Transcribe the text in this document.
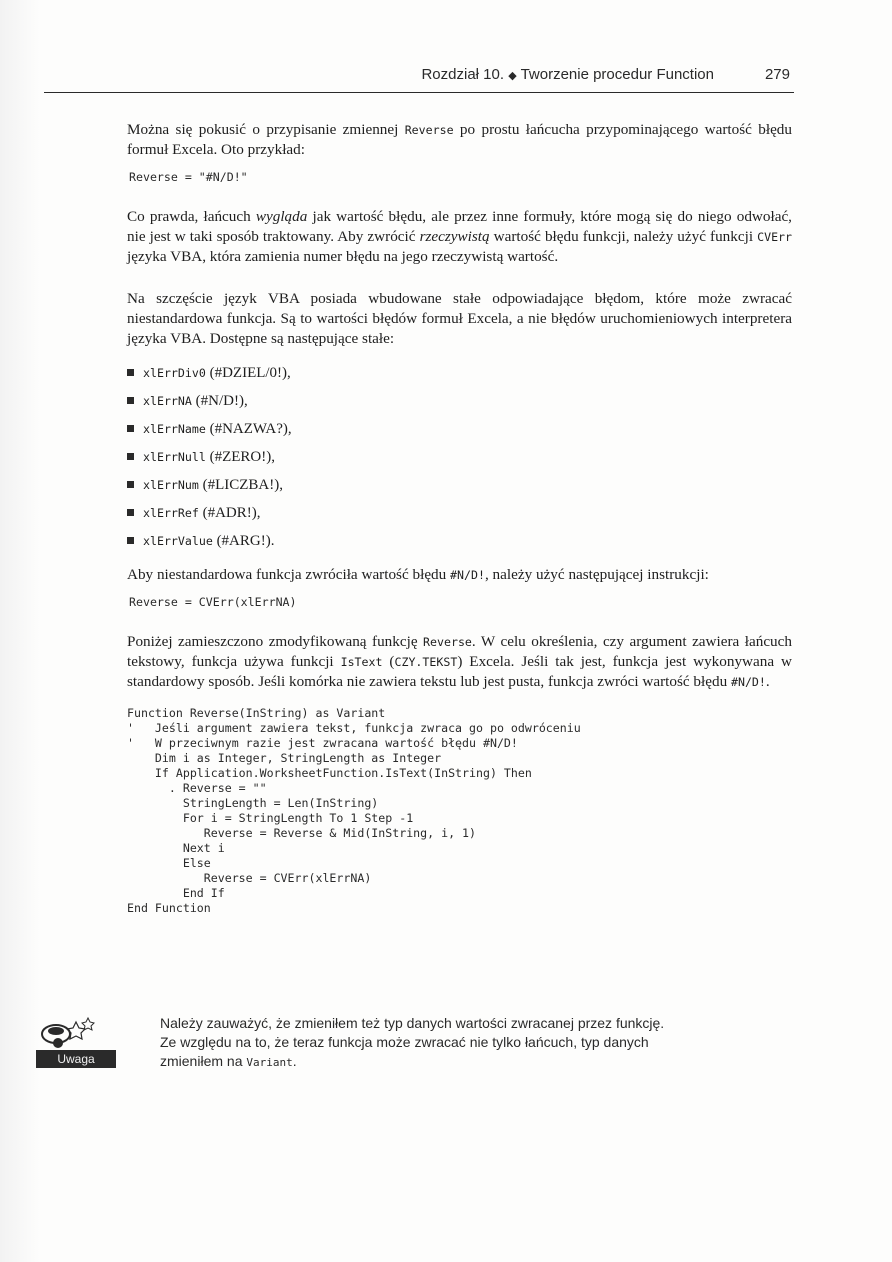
Rozdział 10. ◆ Tworzenie procedur Function	279

Można się pokusić o przypisanie zmiennej Reverse po prostu łańcucha przypominającego wartość błędu formuł Excela. Oto przykład:

Reverse = "#N/D!"

Co prawda, łańcuch wygląda jak wartość błędu, ale przez inne formuły, które mogą się do niego odwołać, nie jest w taki sposób traktowany. Aby zwrócić rzeczywistą wartość błędu funkcji, należy użyć funkcji CVErr języka VBA, która zamienia numer błędu na jego rzeczywistą wartość.

Na szczęście język VBA posiada wbudowane stałe odpowiadające błędom, które może zwracać niestandardowa funkcja. Są to wartości błędów formuł Excela, a nie błędów uruchomieniowych interpretera języka VBA. Dostępne są następujące stałe:

xlErrDiv0 (#DZIEL/0!),
xlErrNA (#N/D!),
xlErrName (#NAZWA?),
xlErrNull (#ZERO!),
xlErrNum (#LICZBA!),
xlErrRef (#ADR!),
xlErrValue (#ARG!).

Aby niestandardowa funkcja zwróciła wartość błędu #N/D!, należy użyć następującej instrukcji:

Reverse = CVErr(xlErrNA)

Poniżej zamieszczono zmodyfikowaną funkcję Reverse. W celu określenia, czy argument zawiera łańcuch tekstowy, funkcja używa funkcji IsText (CZY.TEKST) Excela. Jeśli tak jest, funkcja jest wykonywana w standardowy sposób. Jeśli komórka nie zawiera tekstu lub jest pusta, funkcja zwróci wartość błędu #N/D!.

Function Reverse(InString) as Variant
'   Jeśli argument zawiera tekst, funkcja zwraca go po odwróceniu
'   W przeciwnym razie jest zwracana wartość błędu #N/D!
Dim i as Integer, StringLength as Integer
If Application.WorksheetFunction.IsText(InString) Then
. Reverse = ""
StringLength = Len(InString)
For i = StringLength To 1 Step -1
Reverse = Reverse & Mid(InString, i, 1)
Next i
Else
Reverse = CVErr(xlErrNA)
End If
End Function
Uwaga
Należy zauważyć, że zmieniłem też typ danych wartości zwracanej przez funkcję.
Ze względu na to, że teraz funkcja może zwracać nie tylko łańcuch, typ danych
zmieniłem na Variant.
